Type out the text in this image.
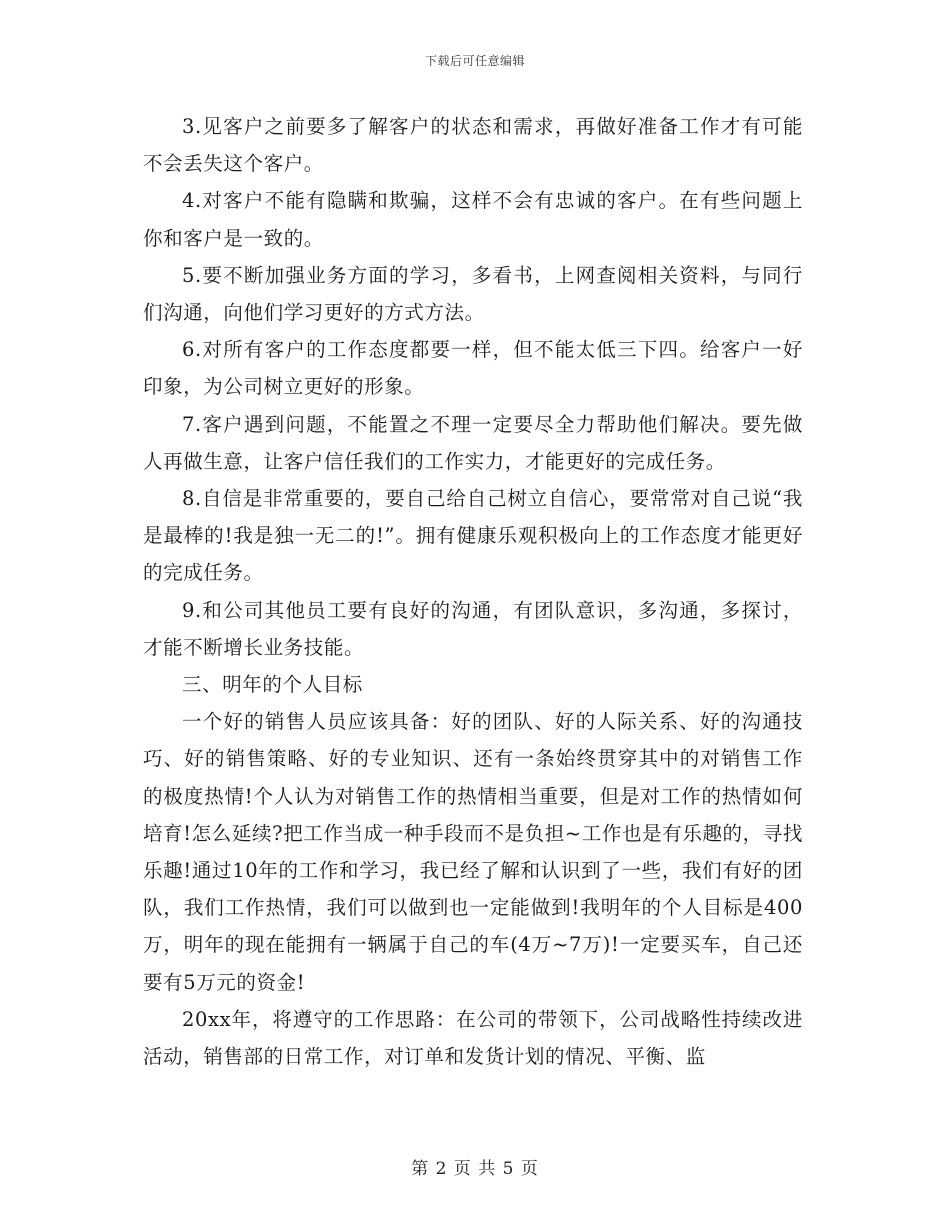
下载后可任意编辑

3.见客户之前要多了解客户的状态和需求，再做好准备工作才有可能不会丢失这个客户。

4.对客户不能有隐瞒和欺骗，这样不会有忠诚的客户。在有些问题上你和客户是一致的。

5.要不断加强业务方面的学习，多看书，上网查阅相关资料，与同行们沟通，向他们学习更好的方式方法。

6.对所有客户的工作态度都要一样，但不能太低三下四。给客户一好印象，为公司树立更好的形象。

7.客户遇到问题，不能置之不理一定要尽全力帮助他们解决。要先做人再做生意，让客户信任我们的工作实力，才能更好的完成任务。

8.自信是非常重要的，要自己给自己树立自信心，要常常对自己说“我是最棒的!我是独一无二的!”。拥有健康乐观积极向上的工作态度才能更好的完成任务。

9.和公司其他员工要有良好的沟通，有团队意识，多沟通，多探讨，才能不断增长业务技能。

三、明年的个人目标

一个好的销售人员应该具备：好的团队、好的人际关系、好的沟通技巧、好的销售策略、好的专业知识、还有一条始终贯穿其中的对销售工作的极度热情!个人认为对销售工作的热情相当重要，但是对工作的热情如何培育!怎么延续?把工作当成一种手段而不是负担~工作也是有乐趣的，寻找乐趣!通过10年的工作和学习，我已经了解和认识到了一些，我们有好的团队，我们工作热情，我们可以做到也一定能做到!我明年的个人目标是400万，明年的现在能拥有一辆属于自己的车(4万~7万)!一定要买车，自己还要有5万元的资金!

20xx年，将遵守的工作思路：在公司的带领下，公司战略性持续改进活动，销售部的日常工作，对订单和发货计划的情况、平衡、监

第 2 页 共 5 页
